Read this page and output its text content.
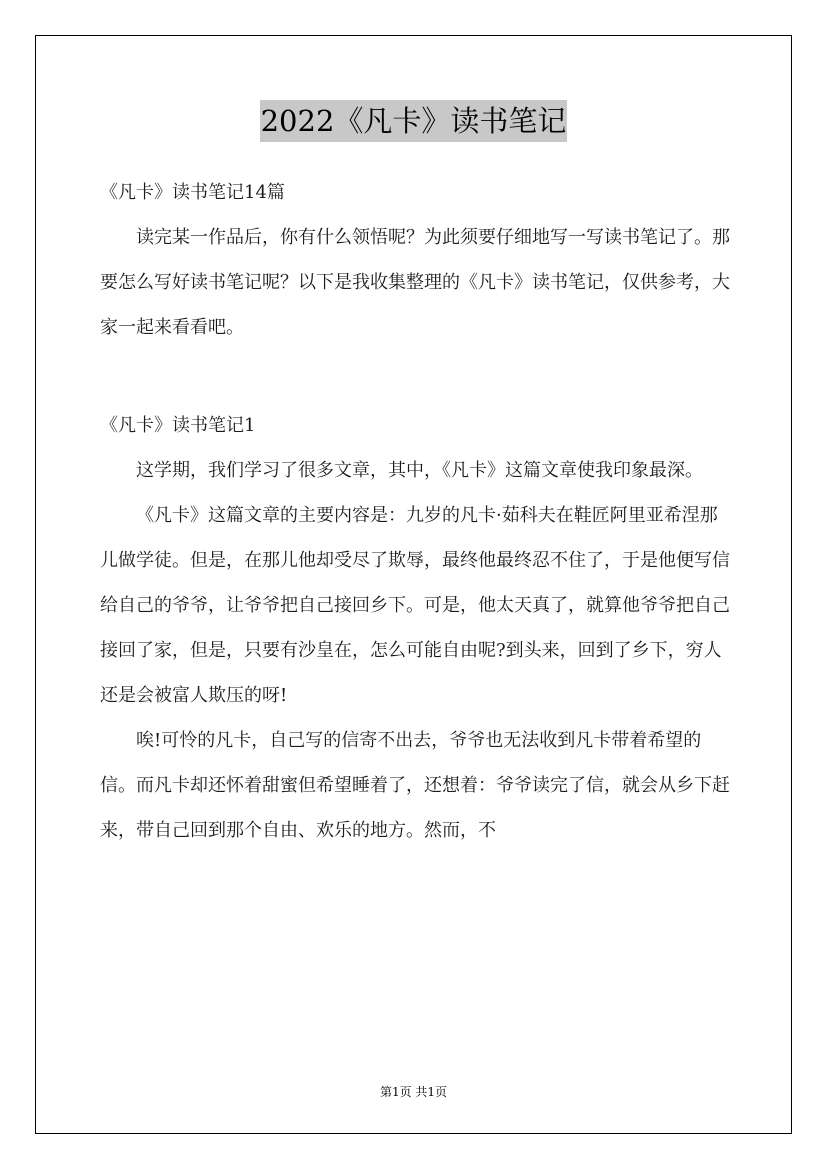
2022《凡卡》读书笔记

《凡卡》读书笔记14篇

读完某一作品后，你有什么领悟呢？为此须要仔细地写一写读书笔记了。那要怎么写好读书笔记呢？以下是我收集整理的《凡卡》读书笔记，仅供参考，大家一起来看看吧。

《凡卡》读书笔记1

这学期，我们学习了很多文章，其中，《凡卡》这篇文章使我印象最深。

《凡卡》这篇文章的主要内容是：九岁的凡卡·茹科夫在鞋匠阿里亚希涅那儿做学徒。但是，在那儿他却受尽了欺辱，最终他最终忍不住了，于是他便写信给自己的爷爷，让爷爷把自己接回乡下。可是，他太天真了，就算他爷爷把自己接回了家，但是，只要有沙皇在，怎么可能自由呢?到头来，回到了乡下，穷人还是会被富人欺压的呀!

唉!可怜的凡卡，自己写的信寄不出去，爷爷也无法收到凡卡带着希望的信。而凡卡却还怀着甜蜜但希望睡着了，还想着：爷爷读完了信，就会从乡下赶来，带自己回到那个自由、欢乐的地方。然而，不

第1页 共1页
